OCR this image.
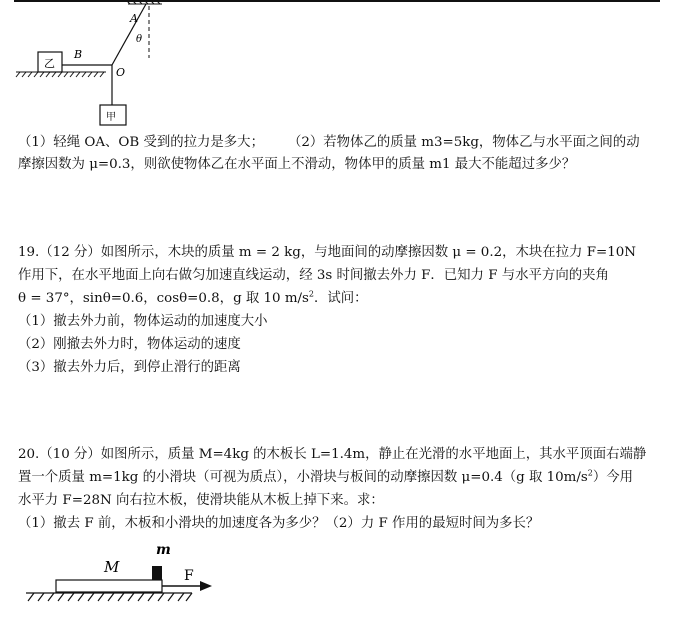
A
B
O
θ
乙
甲
（1）轻绳 OA、OB 受到的拉力是多大； （2）若物体乙的质量 m3=5kg，物体乙与水平面之间的动
摩擦因数为 μ=0.3，则欲使物体乙在水平面上不滑动，物体甲的质量 m1 最大不能超过多少？
19.（12 分）如图所示，木块的质量 m = 2 kg，与地面间的动摩擦因数 μ = 0.2，木块在拉力 F=10N
作用下，在水平地面上向右做匀加速直线运动，经 3s 时间撤去外力 F．已知力 F 与水平方向的夹角
θ = 37°，sinθ=0.6，cosθ=0.8，g 取 10 $m/s^2$．试问：
（1）撤去外力前，物体运动的加速度大小
（2）刚撤去外力时，物体运动的速度
（3）撤去外力后，到停止滑行的距离
20.（10 分）如图所示，质量 M=4kg 的木板长 L=1.4m，静止在光滑的水平地面上，其水平顶面右端静
置一个质量 m=1kg 的小滑块（可视为质点），小滑块与板间的动摩擦因数 μ=0.4（g 取 $10m/s^2$）今用
水平力 F=28N 向右拉木板，使滑块能从木板上掉下来。求：
（1）撤去 F 前，木板和小滑块的加速度各为多少？（2）力 F 作用的最短时间为多长？
m
M	F
